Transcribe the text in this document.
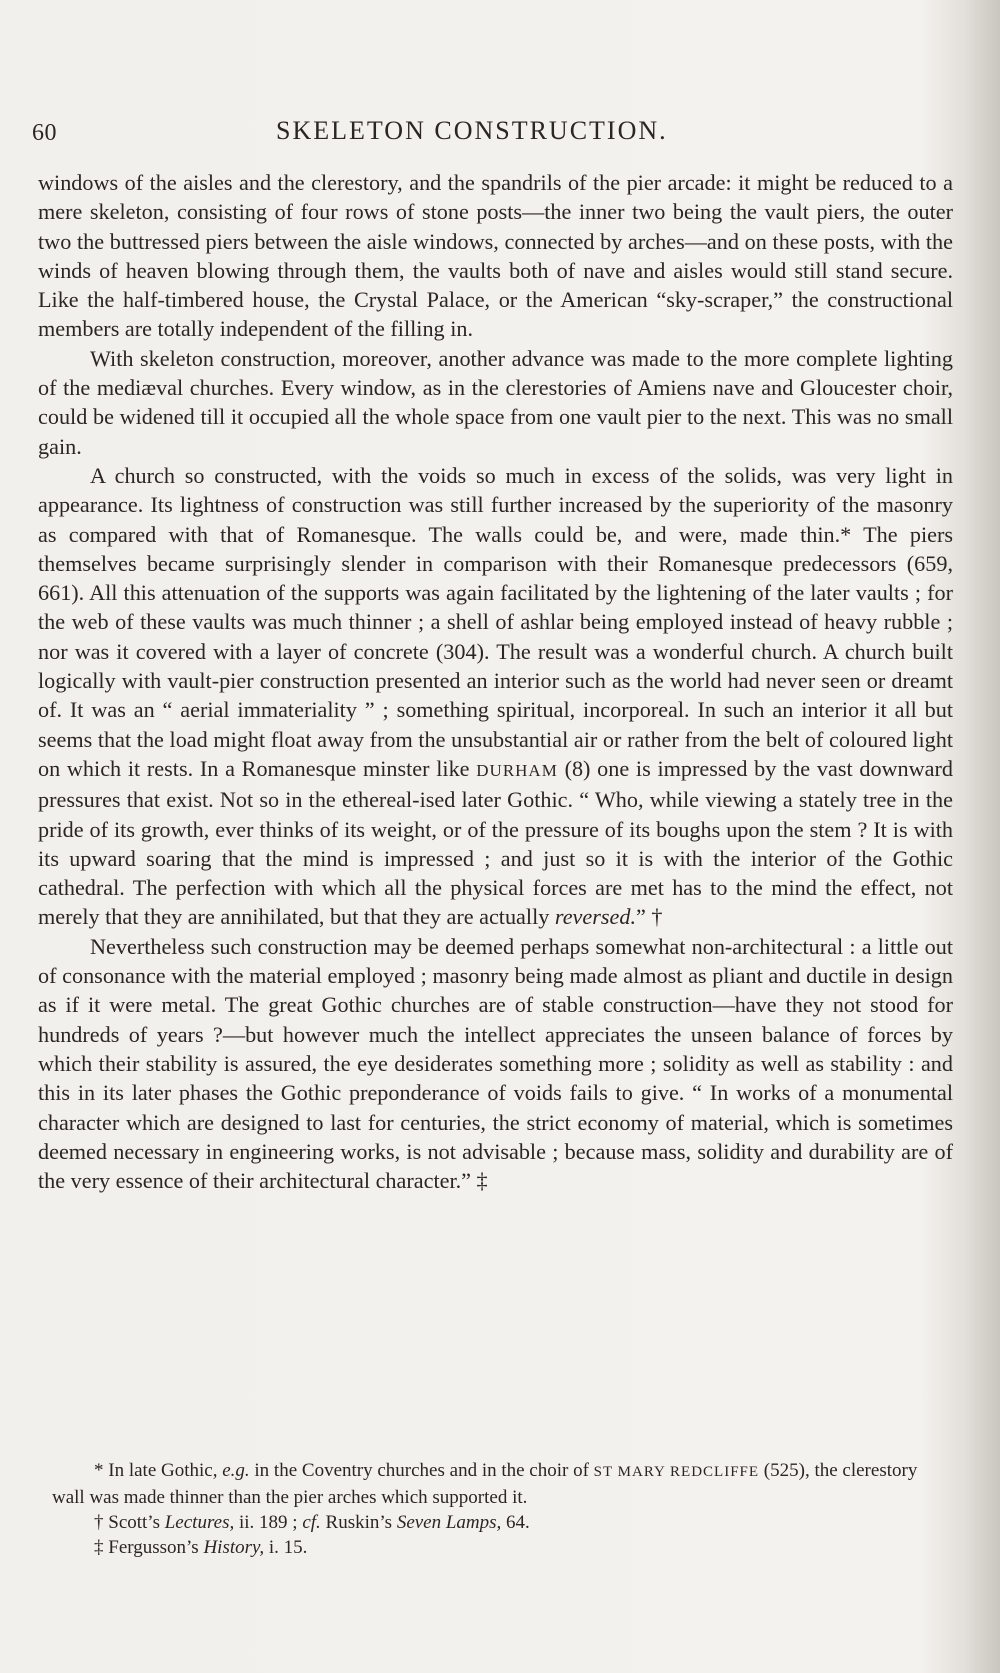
60	SKELETON CONSTRUCTION.

windows of the aisles and the clerestory, and the spandrils of the pier arcade: it might be reduced to a mere skeleton, consisting of four rows of stone posts—the inner two being the vault piers, the outer two the buttressed piers between the aisle windows, connected by arches—and on these posts, with the winds of heaven blowing through them, the vaults both of nave and aisles would still stand secure. Like the half-timbered house, the Crystal Palace, or the American “sky-scraper,” the constructional members are totally independent of the filling in.

With skeleton construction, moreover, another advance was made to the more complete lighting of the mediæval churches. Every window, as in the clerestories of Amiens nave and Gloucester choir, could be widened till it occupied all the whole space from one vault pier to the next. This was no small gain.

A church so constructed, with the voids so much in excess of the solids, was very light in appearance. Its lightness of construction was still further increased by the superiority of the masonry as compared with that of Romanesque. The walls could be, and were, made thin.* The piers themselves became surprisingly slender in comparison with their Romanesque predecessors (659, 661). All this attenuation of the supports was again facilitated by the lightening of the later vaults ; for the web of these vaults was much thinner ; a shell of ashlar being employed instead of heavy rubble ; nor was it covered with a layer of concrete (304). The result was a wonderful church. A church built logically with vault-pier construction presented an interior such as the world had never seen or dreamt of. It was an “ aerial immateriality ” ; something spiritual, incorporeal. In such an interior it all but seems that the load might float away from the unsubstantial air or rather from the belt of coloured light on which it rests. In a Romanesque minster like DURHAM (8) one is impressed by the vast downward pressures that exist. Not so in the ethereal-ised later Gothic. “ Who, while viewing a stately tree in the pride of its growth, ever thinks of its weight, or of the pressure of its boughs upon the stem ? It is with its upward soaring that the mind is impressed ; and just so it is with the interior of the Gothic cathedral. The perfection with which all the physical forces are met has to the mind the effect, not merely that they are annihilated, but that they are actually reversed.” †

Nevertheless such construction may be deemed perhaps somewhat non-architectural : a little out of consonance with the material employed ; masonry being made almost as pliant and ductile in design as if it were metal. The great Gothic churches are of stable construction—have they not stood for hundreds of years ?—but however much the intellect appreciates the unseen balance of forces by which their stability is assured, the eye desiderates something more ; solidity as well as stability : and this in its later phases the Gothic preponderance of voids fails to give. “ In works of a monumental character which are designed to last for centuries, the strict economy of material, which is sometimes deemed necessary in engineering works, is not advisable ; because mass, solidity and durability are of the very essence of their architectural character.” ‡

* In late Gothic, e.g. in the Coventry churches and in the choir of ST MARY REDCLIFFE (525), the clerestory wall was made thinner than the pier arches which supported it.

† Scott’s Lectures, ii. 189 ; cf. Ruskin’s Seven Lamps, 64.

‡ Fergusson’s History, i. 15.
